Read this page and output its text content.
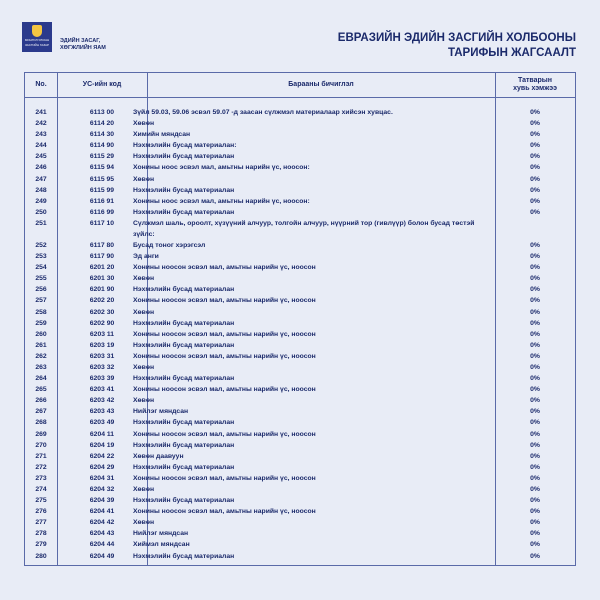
МОНГОЛ УЛСЫН
ЗАСГИЙН ГАЗАР
ЭДИЙН ЗАСАГ,
ХӨГЖЛИЙН ЯАМ
ЕВРАЗИЙН ЭДИЙН ЗАСГИЙН ХОЛБООНЫ
ТАРИФЫН ЖАГСААЛТ
No.	УС-ийн код	Барааны бичиглэл
Татварын
хувь хэмжээ
241	6113 00	Зүйл 59.03, 59.06 эсвэл 59.07 -д заасан сүлжмэл материалаар хийсэн хувцас.	0%
242	6114 20	Хөвөн	0%
243	6114 30	Химийн мяндсан	0%
244	6114 90	Нэхмэлийн бусад материалан:	0%
245	6115 29	Нэхмэлийн бусад материалан	0%
246	6115 94	Хонины ноос эсвэл мал, амьтны нарийн үс, ноосон:	0%
247	6115 95	Хөвөн	0%
248	6115 99	Нэхмэлийн бусад материалан	0%
249	6116 91	Хонины ноос эсвэл мал, амьтны нарийн үс, ноосон:	0%
250	6116 99	Нэхмэлийн бусад материалан	0%
251	6117 10	Сүлжмэл шаль, ороолт, хүзүүний алчуур, толгойн алчуур, нүүрний тор (гивлүүр) болон бусад төстэй зүйлс:
252	6117 80	Бусад тоног хэрэгсэл	0%
253	6117 90	Эд анги	0%
254	6201 20	Хонины ноосон эсвэл мал, амьтны нарийн үс, ноосон	0%
255	6201 30	Хөвөн	0%
256	6201 90	Нэхмэлийн бусад материалан	0%
257	6202 20	Хонины ноосон эсвэл мал, амьтны нарийн үс, ноосон	0%
258	6202 30	Хөвөн	0%
259	6202 90	Нэхмэлийн бусад материалан	0%
260	6203 11	Хонины ноосон эсвэл мал, амьтны нарийн үс, ноосон	0%
261	6203 19	Нэхмэлийн бусад материалан	0%
262	6203 31	Хонины ноосон эсвэл мал, амьтны нарийн үс, ноосон	0%
263	6203 32	Хөвөн	0%
264	6203 39	Нэхмэлийн бусад материалан	0%
265	6203 41	Хонины ноосон эсвэл мал, амьтны нарийн үс, ноосон	0%
266	6203 42	Хөвөн	0%
267	6203 43	Нийлэг мяндсан	0%
268	6203 49	Нэхмэлийн бусад материалан	0%
269	6204 11	Хонины ноосон эсвэл мал, амьтны нарийн үс, ноосон	0%
270	6204 19	Нэхмэлийн бусад материалан	0%
271	6204 22	Хөвөн даавуун	0%
272	6204 29	Нэхмэлийн бусад материалан	0%
273	6204 31	Хонины ноосон эсвэл мал, амьтны нарийн үс, ноосон	0%
274	6204 32	Хөвөн	0%
275	6204 39	Нэхмэлийн бусад материалан	0%
276	6204 41	Хонины ноосон эсвэл мал, амьтны нарийн үс, ноосон	0%
277	6204 42	Хөвөн	0%
278	6204 43	Нийлэг мяндсан	0%
279	6204 44	Хиймэл мяндсан	0%
280	6204 49	Нэхмэлийн бусад материалан	0%
